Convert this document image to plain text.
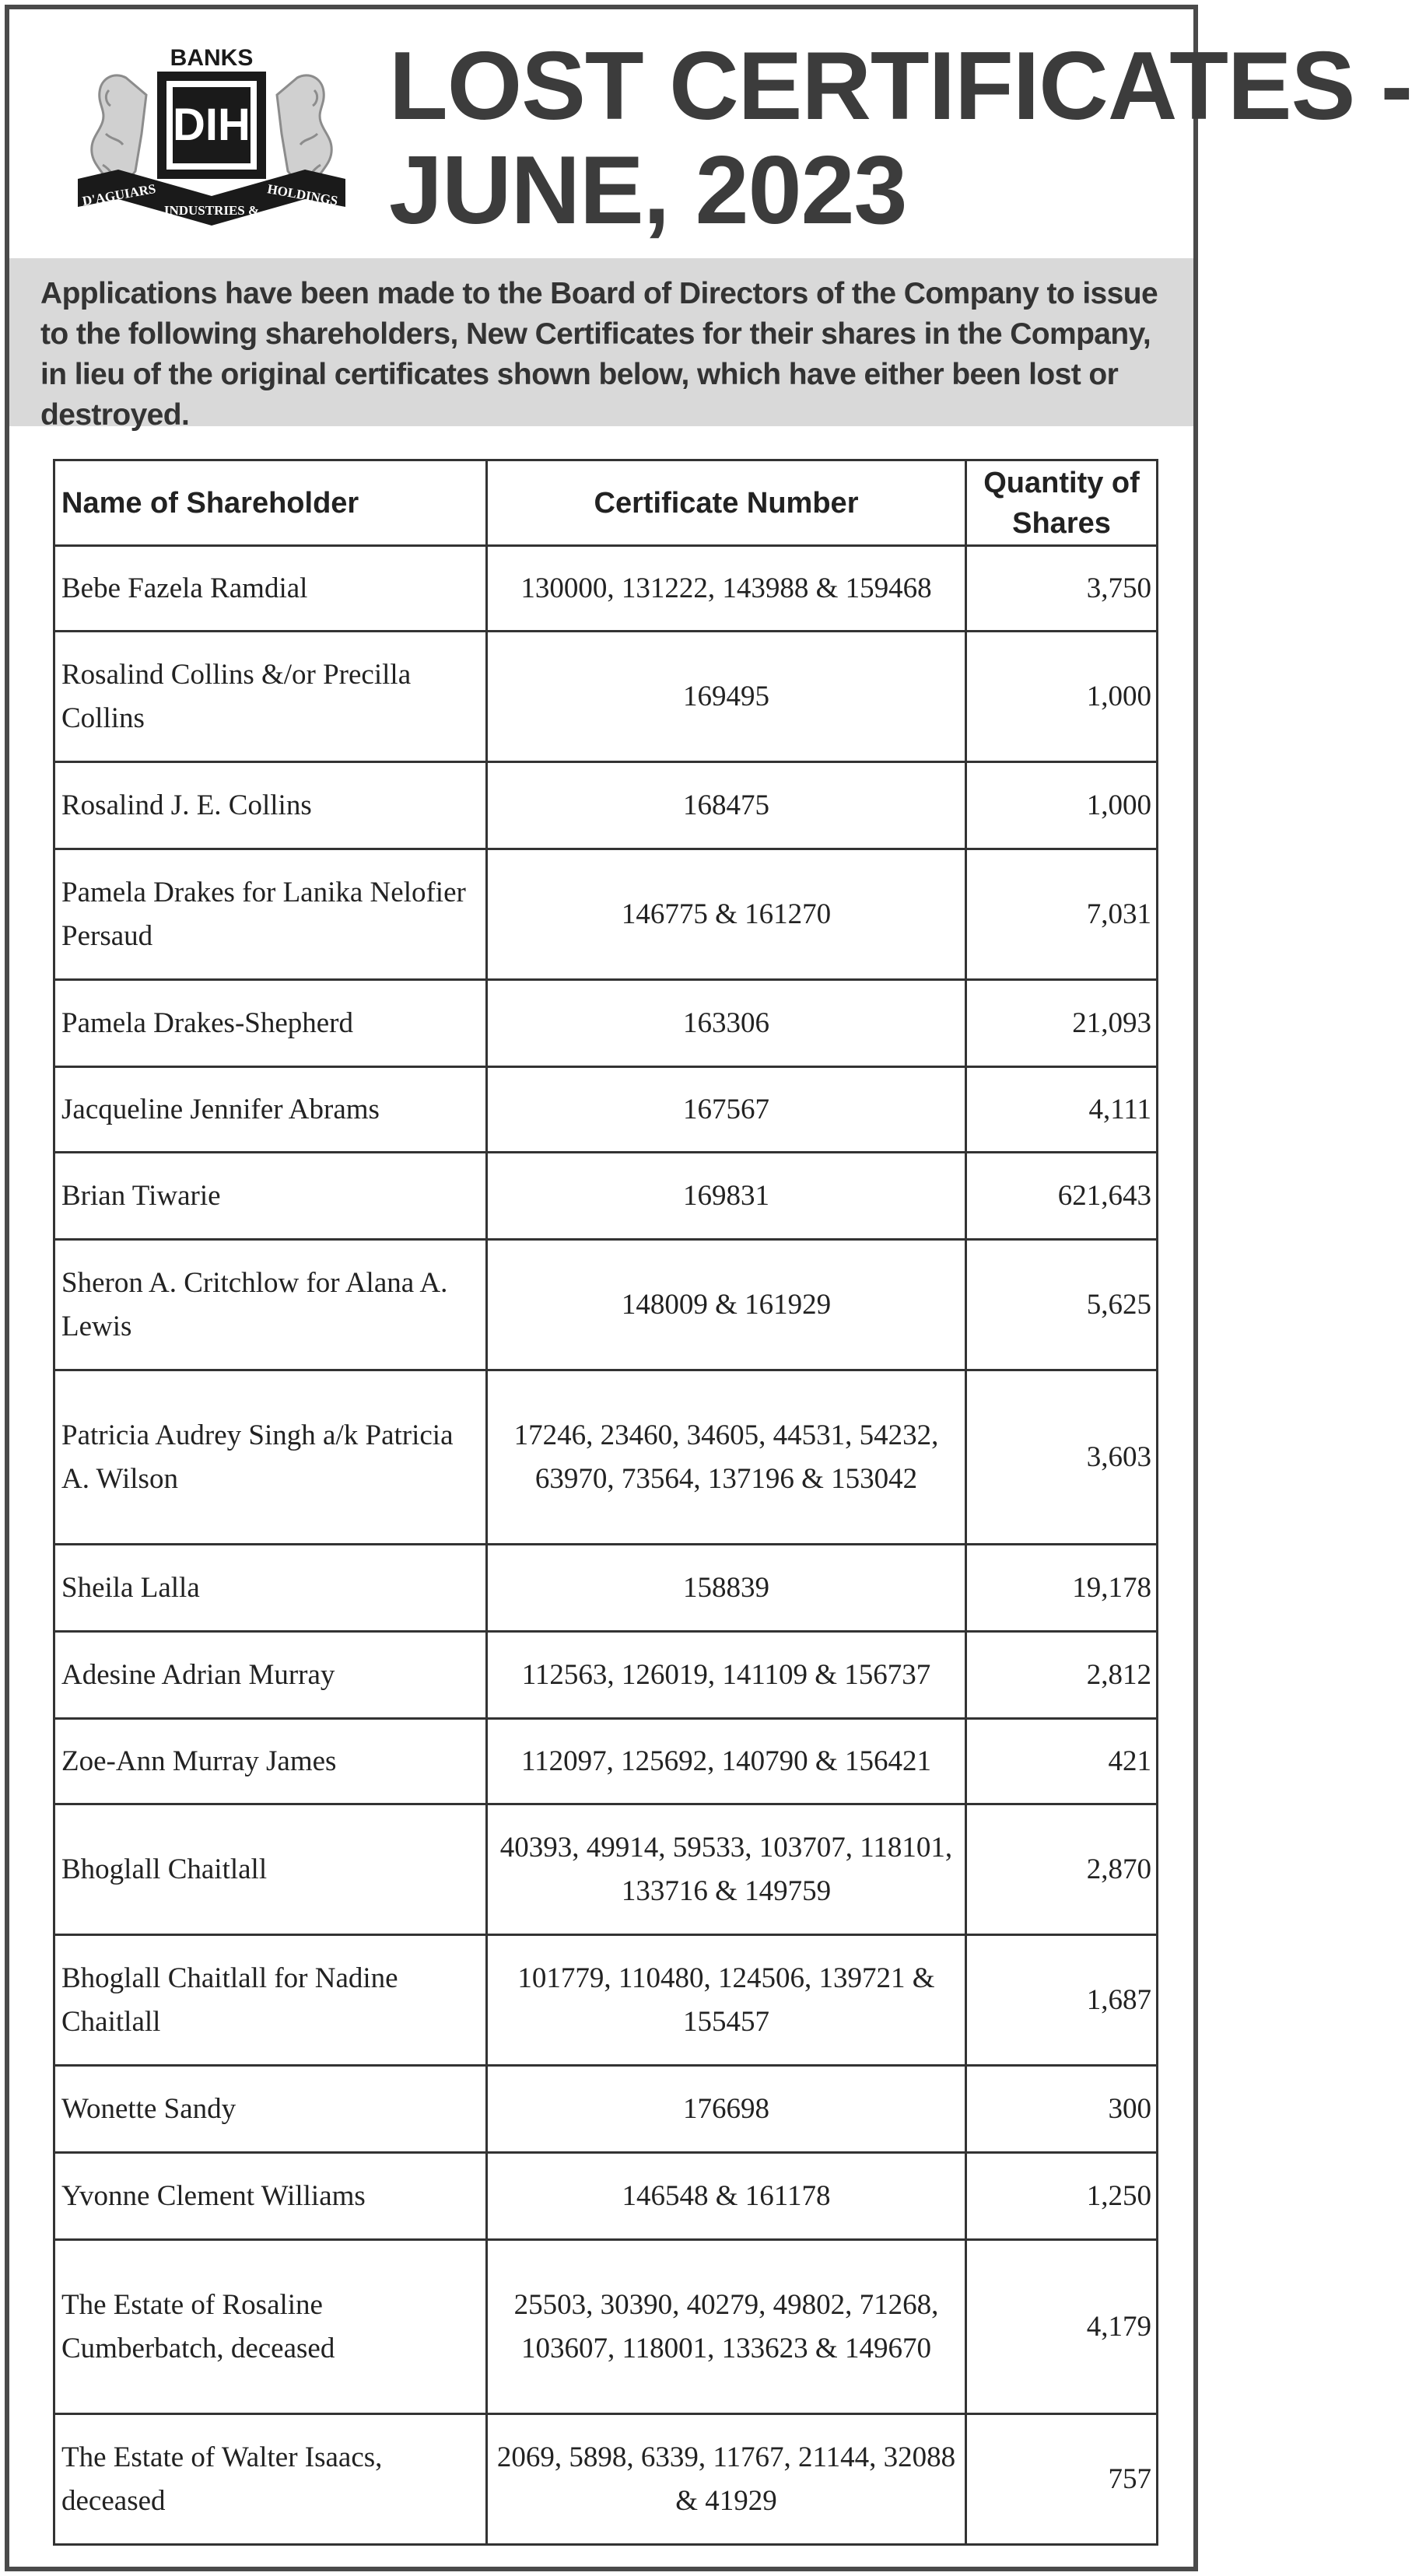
BANKS
DIH
D'AGUIARS
INDUSTRIES &
HOLDINGS
LOST CERTIFICATES -
JUNE, 2023

Applications have been made to the Board of Directors of the Company to issue to the following shareholders, New Certificates for their shares in the Company, in lieu of the original certificates shown below, which have either been lost or destroyed.

Name of Shareholder	Certificate Number	Quantity of Shares
Bebe Fazela Ramdial	130000, 131222, 143988 & 159468	3,750
Rosalind Collins &/or Precilla Collins	169495	1,000
Rosalind J. E. Collins	168475	1,000
Pamela Drakes for Lanika Nelofier Persaud	146775 & 161270	7,031
Pamela Drakes-Shepherd	163306	21,093
Jacqueline Jennifer Abrams	167567	4,111
Brian Tiwarie	169831	621,643
Sheron A. Critchlow for Alana A. Lewis	148009 & 161929	5,625
Patricia Audrey Singh a/k Patricia A. Wilson	17246, 23460, 34605, 44531, 54232, 63970, 73564, 137196 & 153042	3,603
Sheila Lalla	158839	19,178
Adesine Adrian Murray	112563, 126019, 141109 & 156737	2,812
Zoe-Ann Murray James	112097, 125692, 140790 & 156421	421
Bhoglall Chaitlall	40393, 49914, 59533, 103707, 118101, 133716 & 149759	2,870
Bhoglall Chaitlall for Nadine Chaitlall	101779, 110480, 124506, 139721 & 155457	1,687
Wonette Sandy	176698	300
Yvonne Clement Williams	146548 & 161178	1,250
The Estate of Rosaline Cumberbatch, deceased	25503, 30390, 40279, 49802, 71268, 103607, 118001, 133623 & 149670	4,179
The Estate of Walter Isaacs, deceased	2069, 5898, 6339, 11767, 21144, 32088 & 41929	757
